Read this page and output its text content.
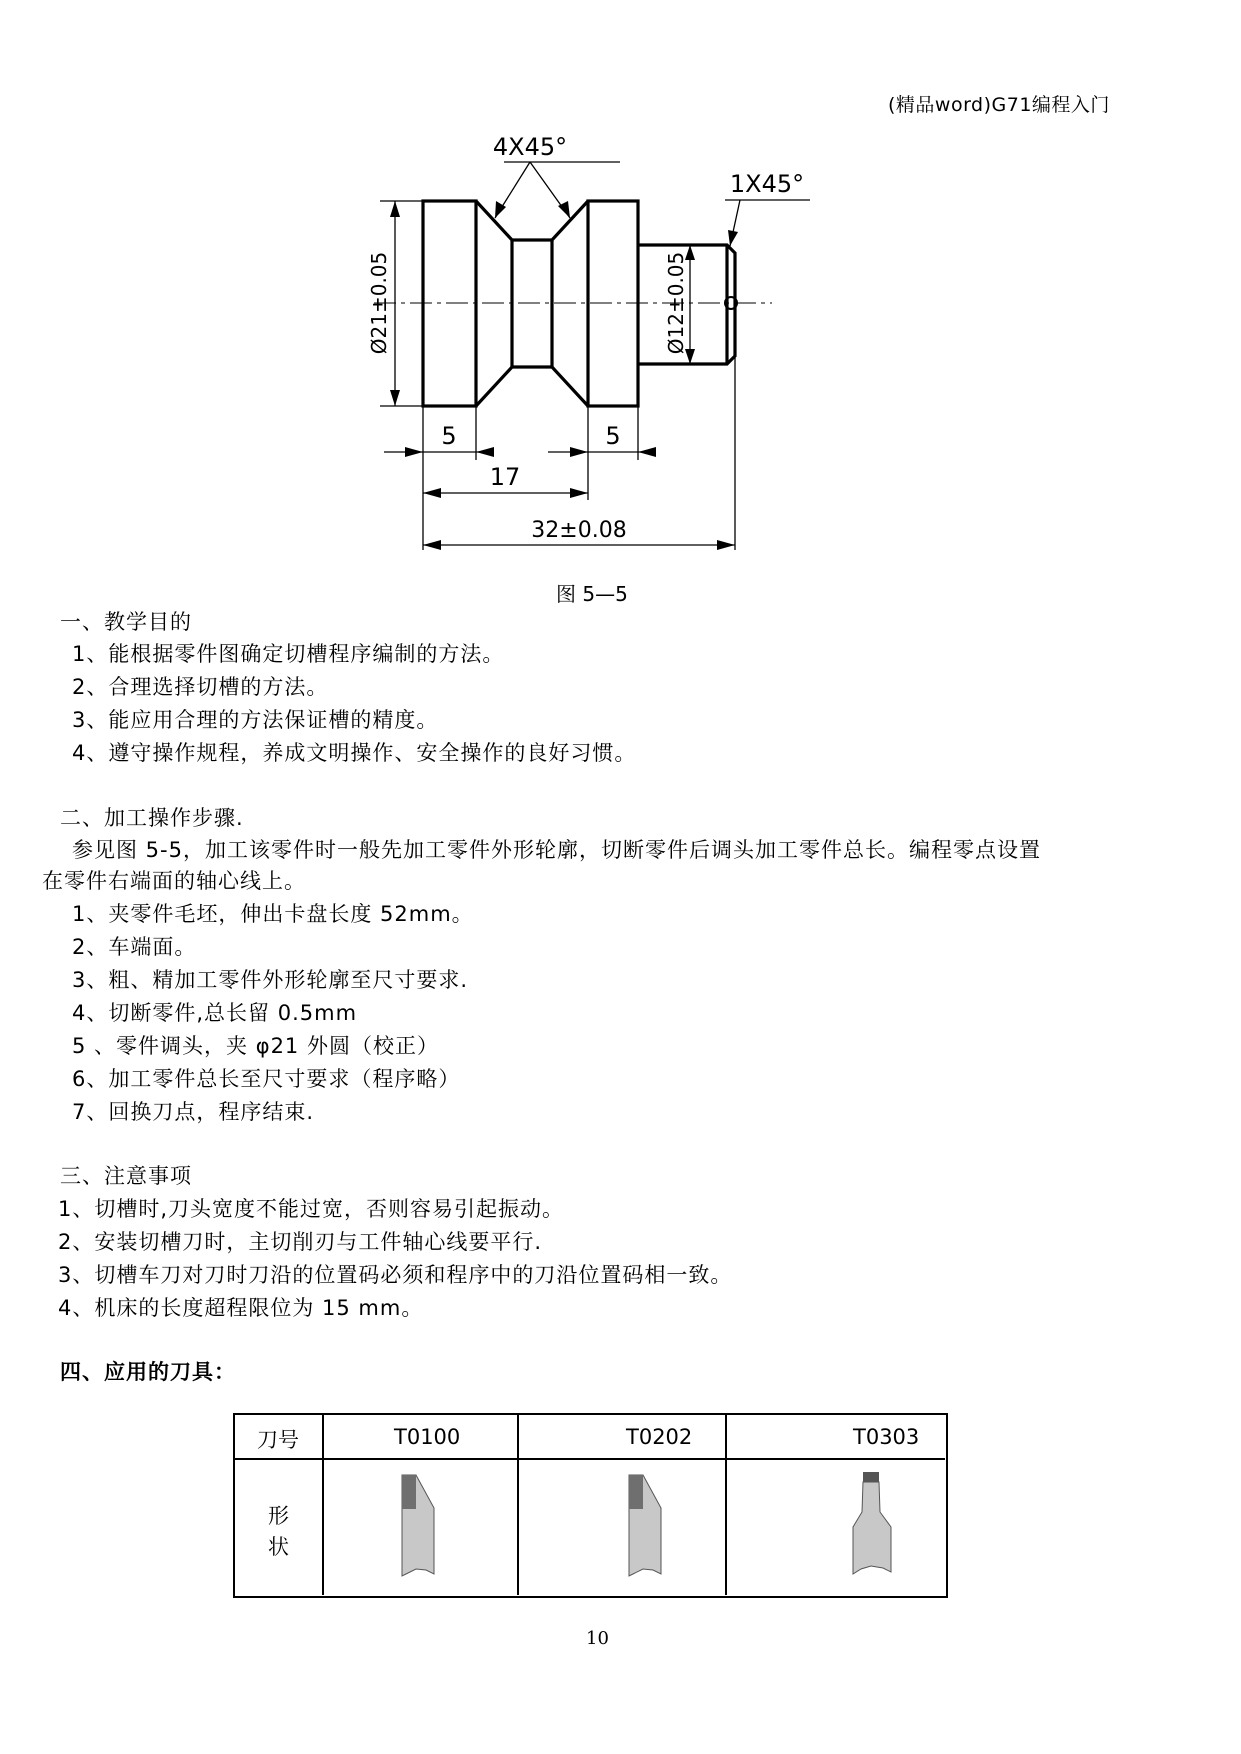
(精品word)G71编程入门
4X45°
1X45°
Ø21±0.05	Ø12±0.05
5	5
17
32±0.08
图 5—5
一、教学目的
1、能根据零件图确定切槽程序编制的方法。
2、合理选择切槽的方法。
3、能应用合理的方法保证槽的精度。
4、遵守操作规程，养成文明操作、安全操作的良好习惯。
二、加工操作步骤.
参见图 5-5，加工该零件时一般先加工零件外形轮廓，切断零件后调头加工零件总长。编程零点设置
在零件右端面的轴心线上。
1、夹零件毛坯，伸出卡盘长度 52mm。
2、车端面。
3、粗、精加工零件外形轮廓至尺寸要求.
4、切断零件,总长留 0.5mm
5 、零件调头，夹 φ21 外圆（校正）
6、加工零件总长至尺寸要求（程序略）
7、回换刀点，程序结束.
三、注意事项
1、切槽时,刀头宽度不能过宽，否则容易引起振动。
2、安装切槽刀时，主切削刃与工件轴心线要平行.
3、切槽车刀对刀时刀沿的位置码必须和程序中的刀沿位置码相一致。
4、机床的长度超程限位为 15 mm。
四、应用的刀具：
刀号	T0100	T0202	T0303
形
状
10
